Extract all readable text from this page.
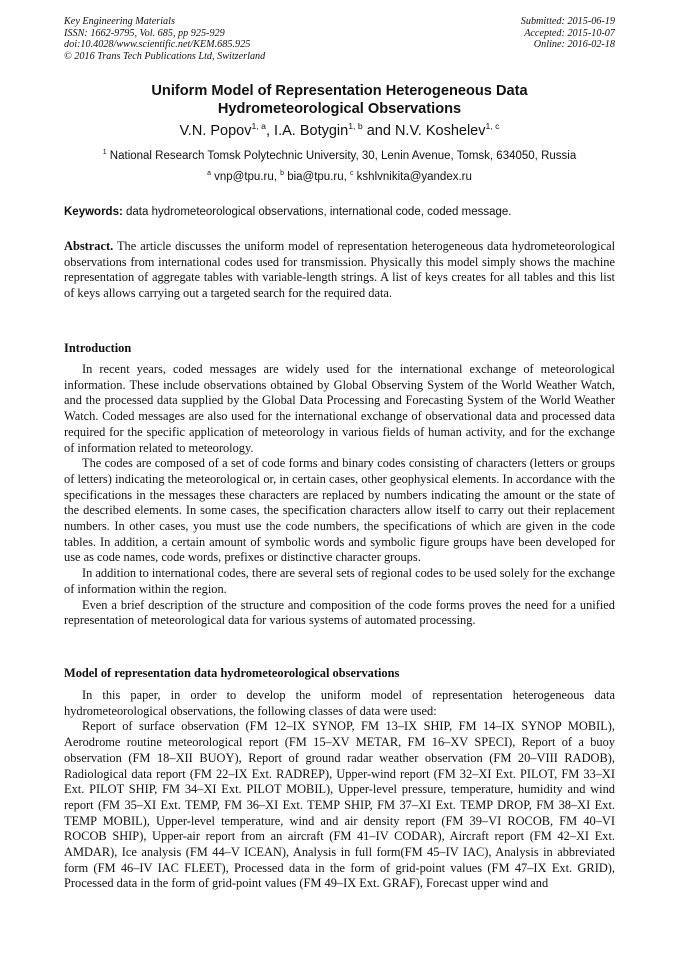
Key Engineering Materials
ISSN: 1662-9795, Vol. 685, pp 925-929
doi:10.4028/www.scientific.net/KEM.685.925
© 2016 Trans Tech Publications Ltd, Switzerland
Submitted: 2015-06-19
Accepted: 2015-10-07
Online: 2016-02-18
Uniform Model of Representation Heterogeneous Data
Hydrometeorological Observations
V.N. Popov$^{1, a}$, I.A. Botygin$^{1, b}$ and N.V. Koshelev$^{1, c}$
$^1$ National Research Tomsk Polytechnic University, 30, Lenin Avenue, Tomsk, 634050, Russia
$^a$ vnp@tpu.ru, $^b$ bia@tpu.ru, $^c$ kshlvnikita@yandex.ru
Keywords: data hydrometeorological observations, international code, coded message.

Abstract. The article discusses the uniform model of representation heterogeneous data hydrometeorological observations from international codes used for transmission. Physically this model simply shows the machine representation of aggregate tables with variable-length strings. A list of keys creates for all tables and this list of keys allows carrying out a targeted search for the required data.

Introduction

In recent years, coded messages are widely used for the international exchange of meteorological information. These include observations obtained by Global Observing System of the World Weather Watch, and the processed data supplied by the Global Data Processing and Forecasting System of the World Weather Watch. Coded messages are also used for the international exchange of observational data and processed data required for the specific application of meteorology in various fields of human activity, and for the exchange of information related to meteorology.

The codes are composed of a set of code forms and binary codes consisting of characters (letters or groups of letters) indicating the meteorological or, in certain cases, other geophysical elements. In accordance with the specifications in the messages these characters are replaced by numbers indicating the amount or the state of the described elements. In some cases, the specification characters allow itself to carry out their replacement numbers. In other cases, you must use the code numbers, the specifications of which are given in the code tables. In addition, a certain amount of symbolic words and symbolic figure groups have been developed for use as code names, code words, prefixes or distinctive character groups.

In addition to international codes, there are several sets of regional codes to be used solely for the exchange of information within the region.

Even a brief description of the structure and composition of the code forms proves the need for a unified representation of meteorological data for various systems of automated processing.

Model of representation data hydrometeorological observations

In this paper, in order to develop the uniform model of representation heterogeneous data hydrometeorological observations, the following classes of data were used:

Report of surface observation (FM 12–IX SYNOP, FM 13–IX SHIP, FM 14–IX SYNOP MOBIL), Aerodrome routine meteorological report (FM 15–XV METAR, FM 16–XV SPECI), Report of a buoy observation (FM 18–XII BUOY), Report of ground radar weather observation (FM 20–VIII RADOB), Radiological data report (FM 22–IX Ext. RADREP), Upper-wind report (FM 32–XI Ext. PILOT, FM 33–XI Ext. PILOT SHIP, FM 34–XI Ext. PILOT MOBIL), Upper-level pressure, temperature, humidity and wind report (FM 35–XI Ext. TEMP, FM 36–XI Ext. TEMP SHIP, FM 37–XI Ext. TEMP DROP, FM 38–XI Ext. TEMP MOBIL), Upper-level temperature, wind and air density report (FM 39–VI ROCOB, FM 40–VI ROCOB SHIP), Upper-air report from an aircraft (FM 41–IV CODAR), Aircraft report (FM 42–XI Ext. AMDAR), Ice analysis (FM 44–V ICEAN), Analysis in full form(FM 45–IV IAC), Analysis in abbreviated form (FM 46–IV IAC FLEET), Processed data in the form of grid-point values (FM 47–IX Ext. GRID), Processed data in the form of grid-point values (FM 49–IX Ext. GRAF), Forecast upper wind and
